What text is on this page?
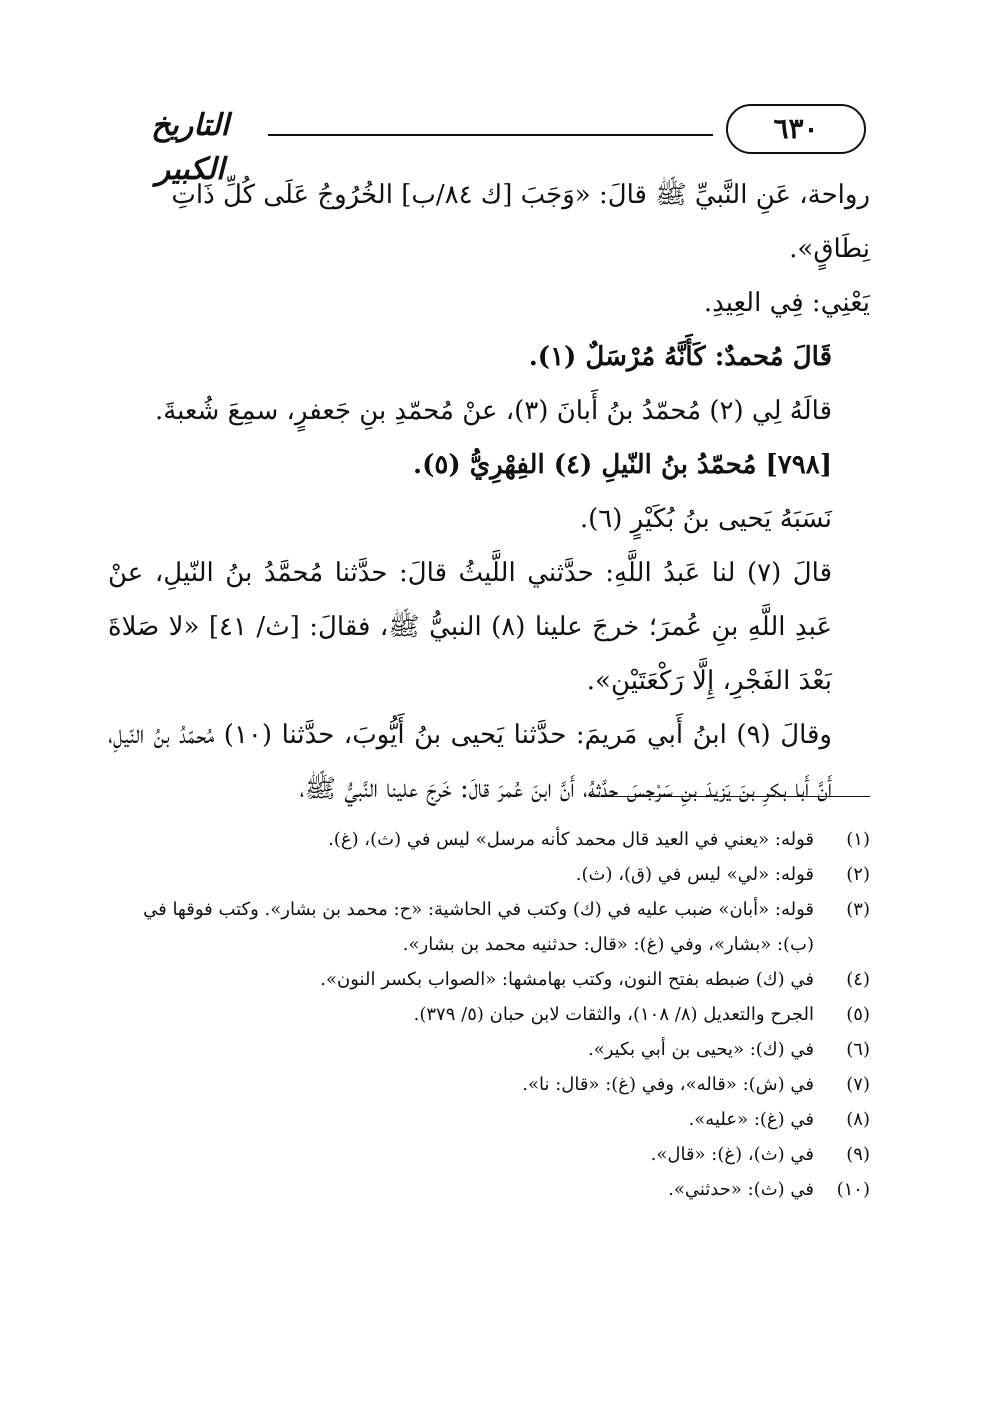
٦٣٠
التاريخ الكبير

رواحة، عَنِ النَّبيِّ ﷺ قالَ: «وَجَبَ [ك ٨٤/ب] الخُرُوجُ عَلَى كُلِّ ذَاتِ نِطَاقٍ».

يَعْنِي: فِي العِيدِ.

قَالَ مُحمدٌ: كَأَنَّهُ مُرْسَلٌ (١).

قالَهُ لِي (٢) مُحمّدُ بنُ أَبانَ (٣)، عنْ مُحمّدِ بنِ جَعفرٍ، سمِعَ شُعبةَ.

[٧٩٨] مُحمّدُ بنُ النّيلِ (٤) الفِهْرِيُّ (٥).

نَسَبَهُ يَحيى بنُ بُكَيْرٍ (٦).

قالَ (٧) لنا عَبدُ اللَّهِ: حدَّثني اللَّيثُ قالَ: حدَّثنا مُحمَّدُ بنُ النّيلِ، عنْ عَبدِ اللَّهِ بنِ عُمرَ؛ خرجَ علينا (٨) النبيُّ ﷺ، فقالَ: [ث/ ٤١] «لا صَلاةَ بَعْدَ الفَجْرِ، إِلَّا رَكْعَتَيْنِ».

وقالَ (٩) ابنُ أَبي مَريمَ: حدَّثنا يَحيى بنُ أَيُّوبَ، حدَّثنا (١٠) مُحمّدُ بنُ النّيلِ، أَنَّ أَبا بكرِ بنَ يَزيدَ بنِ سَرْجسَ حدَّثهُ، أَنَّ ابنَ عُمرَ قالَ: خَرجَ علينا النَّبيُّ ﷺ،

(١)
قوله: «يعني في العيد قال محمد كأنه مرسل» ليس في (ث)، (غ).
(٢)
قوله: «لي» ليس في (ق)، (ث).
(٣)
قوله: «أبان» ضبب عليه في (ك) وكتب في الحاشية: «ح: محمد بن بشار». وكتب فوقها في (ب): «بشار»، وفي (غ): «قال: حدثنيه محمد بن بشار».
(٤)
في (ك) ضبطه بفتح النون، وكتب بهامشها: «الصواب بكسر النون».
(٥)
الجرح والتعديل (٨/ ١٠٨)، والثقات لابن حبان (٥/ ٣٧٩).
(٦)
في (ك): «يحيى بن أبي بكير».
(٧)
في (ش): «قاله»، وفي (غ): «قال: نا».
(٨)
في (غ): «عليه».
(٩)
في (ث)، (غ): «قال».
(١٠)
في (ث): «حدثني».
